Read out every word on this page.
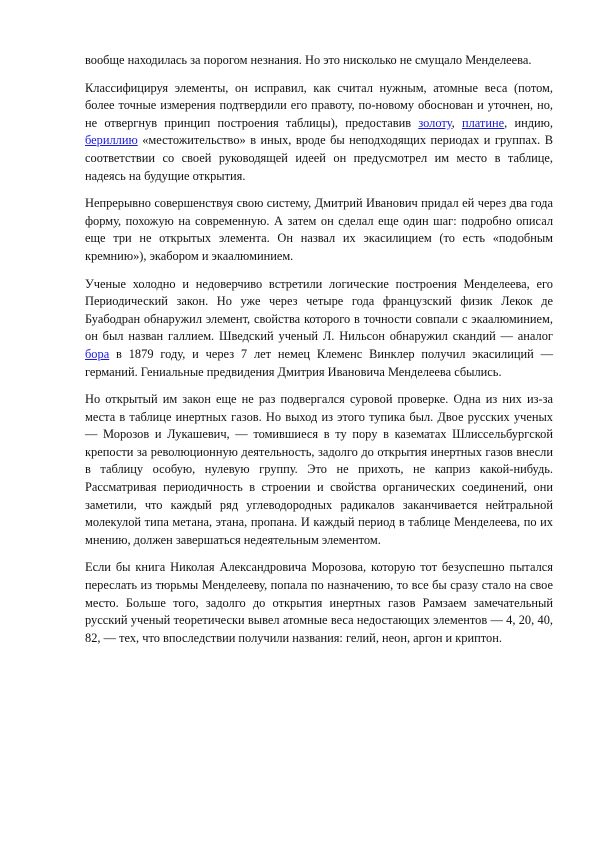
вообще находилась за порогом незнания. Но это нисколько не смущало Менделеева.

Классифицируя элементы, он исправил, как считал нужным, атомные веса (потом, более точные измерения подтвердили его правоту, по-новому обоснован и уточнен, но, не отвергнув принцип построения таблицы), предоставив золоту, платине, индию, бериллию «местожительство» в иных, вроде бы неподходящих периодах и группах. В соответствии со своей руководящей идеей он предусмотрел им место в таблице, надеясь на будущие открытия.

Непрерывно совершенствуя свою систему, Дмитрий Иванович придал ей через два года форму, похожую на современную. А затем он сделал еще один шаг: подробно описал еще три не открытых элемента. Он назвал их экасилицием (то есть «подобным кремнию»), экабором и экаалюминием.

Ученые холодно и недоверчиво встретили логические построения Менделеева, его Периодический закон. Но уже через четыре года французский физик Лекок де Буабодран обнаружил элемент, свойства которого в точности совпали с экаалюминием, он был назван галлием. Шведский ученый Л. Нильсон обнаружил скандий — аналог бора в 1879 году, и через 7 лет немец Клеменс Винклер получил экасилиций — германий. Гениальные предвидения Дмитрия Ивановича Менделеева сбылись.

Но открытый им закон еще не раз подвергался суровой проверке. Одна из них из-за места в таблице инертных газов. Но выход из этого тупика был. Двое русских ученых — Морозов и Лукашевич, — томившиеся в ту пору в казематах Шлиссельбургской крепости за революционную деятельность, задолго до открытия инертных газов внесли в таблицу особую, нулевую группу. Это не прихоть, не каприз какой-нибудь. Рассматривая периодичность в строении и свойства органических соединений, они заметили, что каждый ряд углеводородных радикалов заканчивается нейтральной молекулой типа метана, этана, пропана. И каждый период в таблице Менделеева, по их мнению, должен завершаться недеятельным элементом.

Если бы книга Николая Александровича Морозова, которую тот безуспешно пытался переслать из тюрьмы Менделееву, попала по назначению, то все бы сразу стало на свое место. Больше того, задолго до открытия инертных газов Рамзаем замечательный русский ученый теоретически вывел атомные веса недостающих элементов — 4, 20, 40, 82, — тех, что впоследствии получили названия: гелий, неон, аргон и криптон.
